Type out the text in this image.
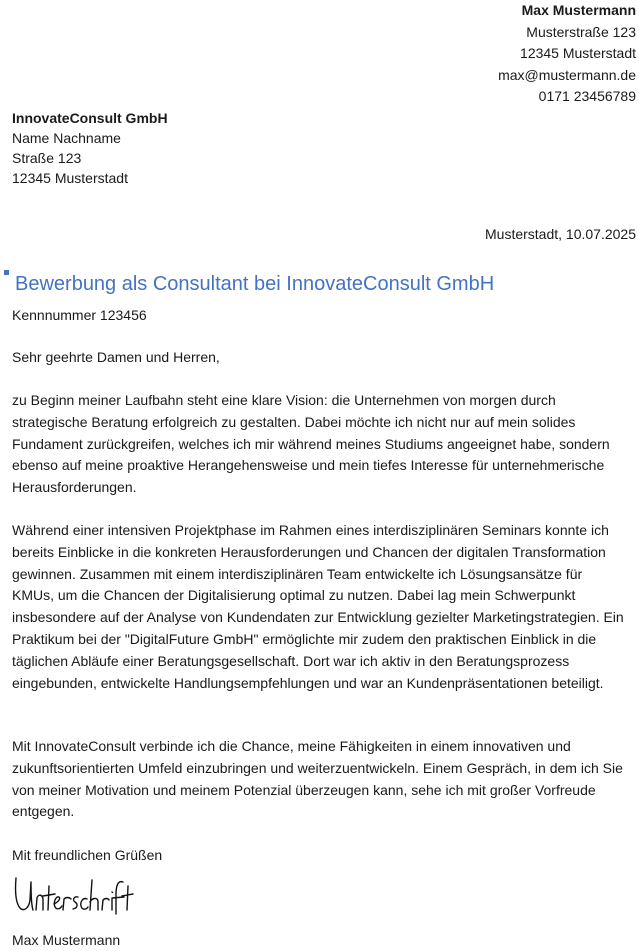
Max Mustermann
Musterstraße 123
12345 Musterstadt
max@mustermann.de
0171 23456789
InnovateConsult GmbH
Name Nachname
Straße 123
12345 Musterstadt
Musterstadt, 10.07.2025
Bewerbung als Consultant bei InnovateConsult GmbH
Kennnummer 123456
Sehr geehrte Damen und Herren,

zu Beginn meiner Laufbahn steht eine klare Vision: die Unternehmen von morgen durch strategische Beratung erfolgreich zu gestalten. Dabei möchte ich nicht nur auf mein solides Fundament zurückgreifen, welches ich mir während meines Studiums angeeignet habe, sondern ebenso auf meine proaktive Herangehensweise und mein tiefes Interesse für unternehmerische Herausforderungen.

Während einer intensiven Projektphase im Rahmen eines interdisziplinären Seminars konnte ich bereits Einblicke in die konkreten Herausforderungen und Chancen der digitalen Transformation gewinnen. Zusammen mit einem interdisziplinären Team entwickelte ich Lösungsansätze für KMUs, um die Chancen der Digitalisierung optimal zu nutzen. Dabei lag mein Schwerpunkt insbesondere auf der Analyse von Kundendaten zur Entwicklung gezielter Marketingstrategien. Ein Praktikum bei der "DigitalFuture GmbH" ermöglichte mir zudem den praktischen Einblick in die täglichen Abläufe einer Beratungsgesellschaft. Dort war ich aktiv in den Beratungsprozess eingebunden, entwickelte Handlungsempfehlungen und war an Kundenpräsentationen beteiligt.

Mit InnovateConsult verbinde ich die Chance, meine Fähigkeiten in einem innovativen und zukunftsorientierten Umfeld einzubringen und weiterzuentwickeln. Einem Gespräch, in dem ich Sie von meiner Motivation und meinem Potenzial überzeugen kann, sehe ich mit großer Vorfreude entgegen.

Mit freundlichen Grüßen
Max Mustermann
